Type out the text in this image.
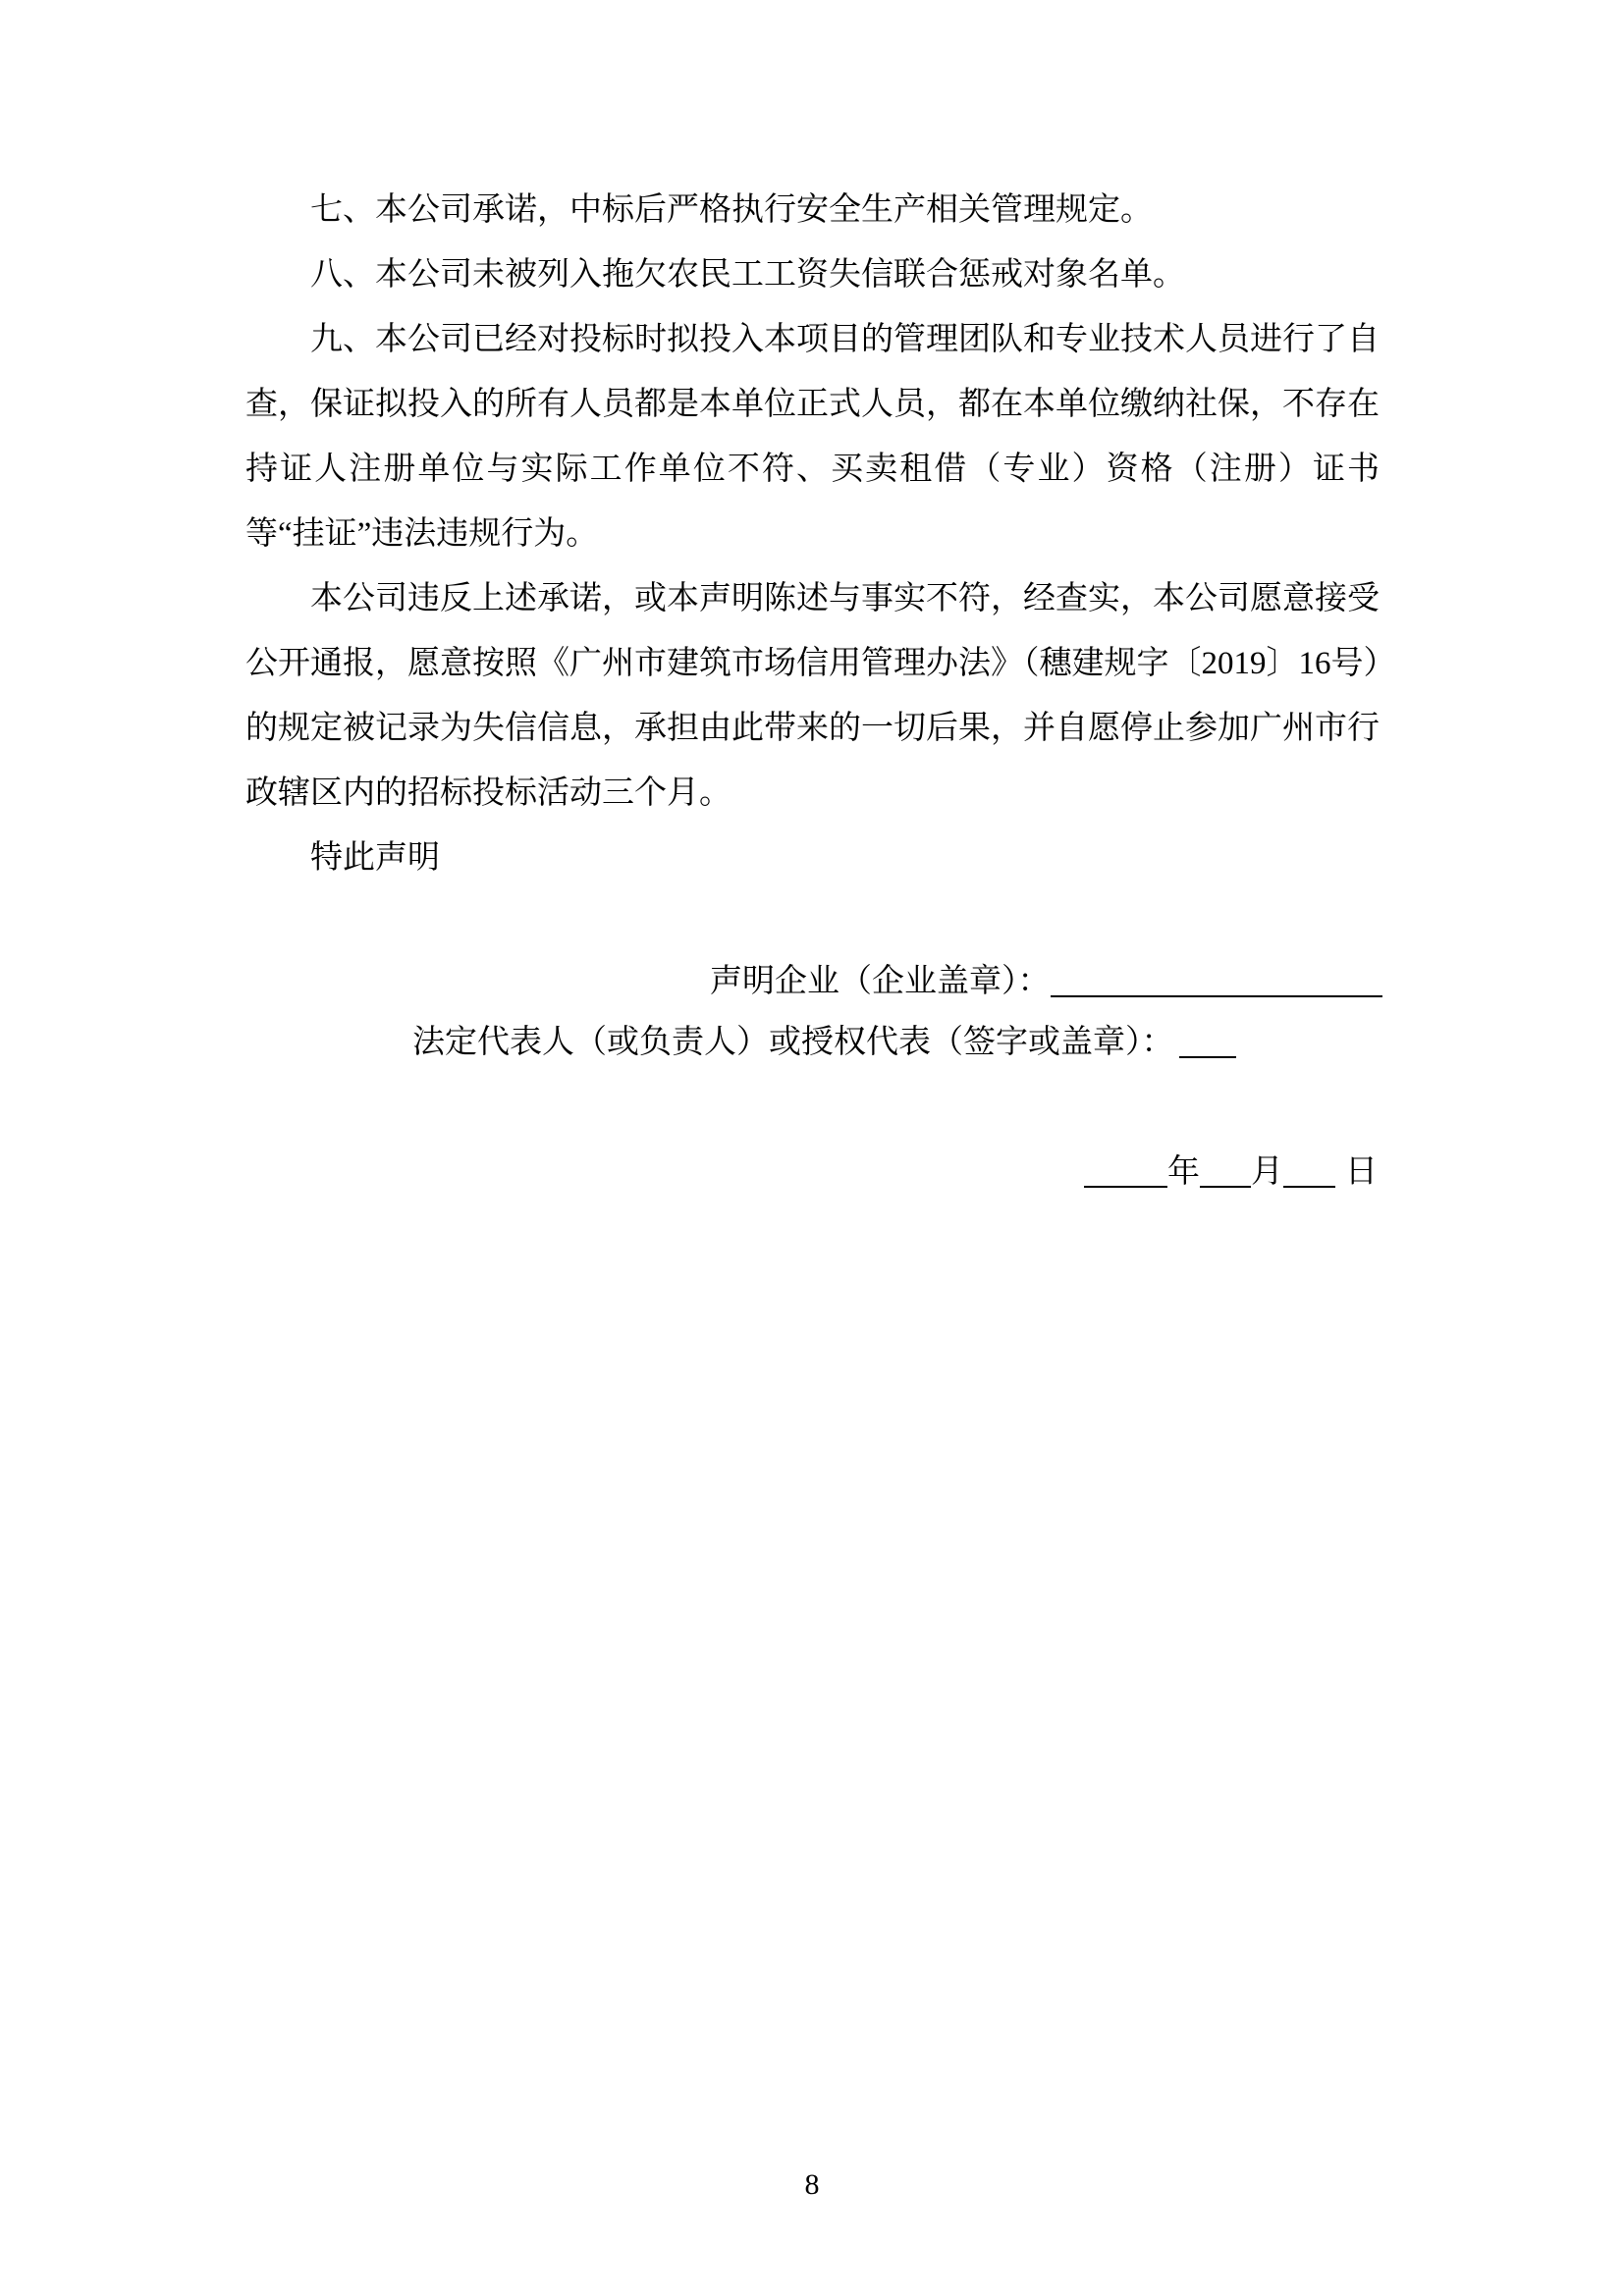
七、本公司承诺，中标后严格执行安全生产相关管理规定。

八、本公司未被列入拖欠农民工工资失信联合惩戒对象名单。

九、本公司已经对投标时拟投入本项目的管理团队和专业技术人员进行了自查，保证拟投入的所有人员都是本单位正式人员，都在本单位缴纳社保，不存在持证人注册单位与实际工作单位不符、买卖租借（专业）资格（注册）证书等“挂证”违法违规行为。

本公司违反上述承诺，或本声明陈述与事实不符，经查实，本公司愿意接受公开通报，愿意按照《广州市建筑市场信用管理办法》（穗建规字〔2019〕16号）的规定被记录为失信信息，承担由此带来的一切后果，并自愿停止参加广州市行政辖区内的招标投标活动三个月。

特此声明

声明企业（企业盖章）：
法定代表人（或负责人）或授权代表（签字或盖章）：
年 月 日
8
